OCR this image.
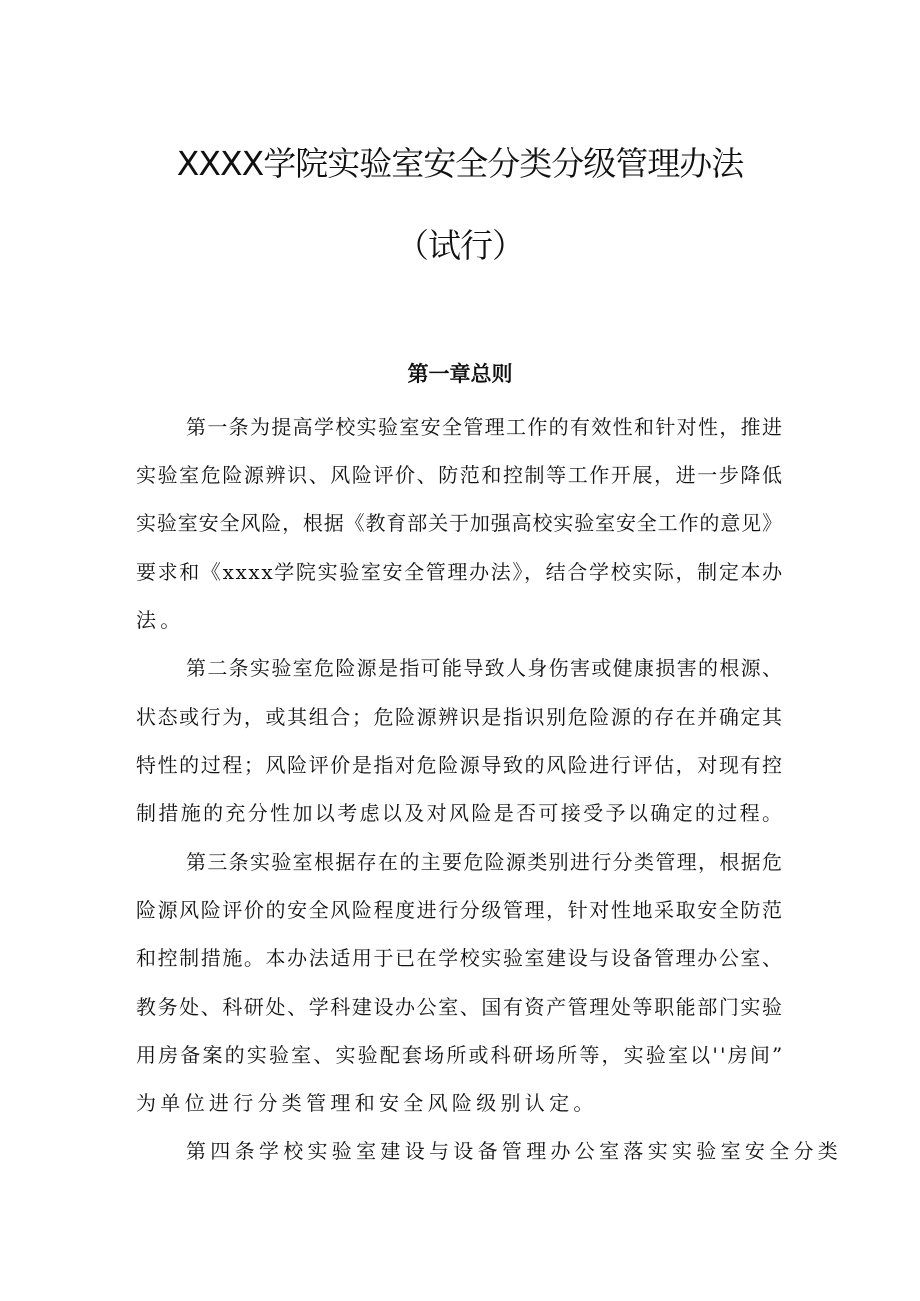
XXXX学院实验室安全分类分级管理办法
（试行）
第一章总则
第一条为提高学校实验室安全管理工作的有效性和针对性，推进
实验室危险源辨识、风险评价、防范和控制等工作开展，进一步降低
实验室安全风险，根据《教育部关于加强高校实验室安全工作的意见》
要求和《xxxx学院实验室安全管理办法》，结合学校实际，制定本办
法。
第二条实验室危险源是指可能导致人身伤害或健康损害的根源、
状态或行为，或其组合；危险源辨识是指识别危险源的存在并确定其
特性的过程；风险评价是指对危险源导致的风险进行评估，对现有控
制措施的充分性加以考虑以及对风险是否可接受予以确定的过程。
第三条实验室根据存在的主要危险源类别进行分类管理，根据危
险源风险评价的安全风险程度进行分级管理，针对性地采取安全防范
和控制措施。本办法适用于已在学校实验室建设与设备管理办公室、
教务处、科研处、学科建设办公室、国有资产管理处等职能部门实验
用房备案的实验室、实验配套场所或科研场所等，实验室以''房间”
为单位进行分类管理和安全风险级别认定。
第四条学校实验室建设与设备管理办公室落实实验室安全分类
